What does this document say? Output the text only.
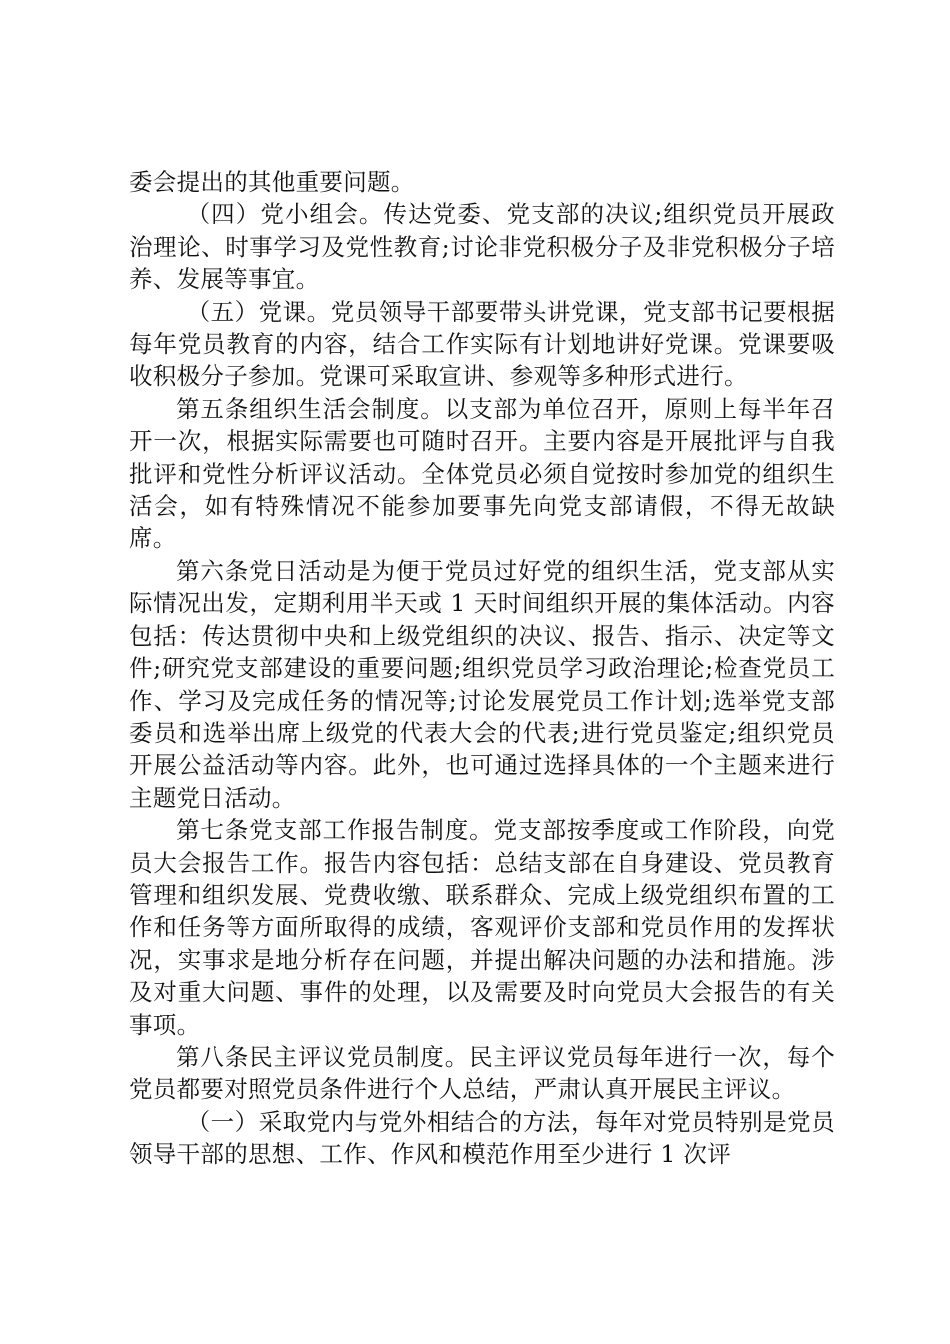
委会提出的其他重要问题。

（四）党小组会。传达党委、党支部的决议;组织党员开展政治理论、时事学习及党性教育;讨论非党积极分子及非党积极分子培养、发展等事宜。

（五）党课。党员领导干部要带头讲党课，党支部书记要根据每年党员教育的内容，结合工作实际有计划地讲好党课。党课要吸收积极分子参加。党课可采取宣讲、参观等多种形式进行。

第五条组织生活会制度。以支部为单位召开，原则上每半年召开一次，根据实际需要也可随时召开。主要内容是开展批评与自我批评和党性分析评议活动。全体党员必须自觉按时参加党的组织生活会，如有特殊情况不能参加要事先向党支部请假，不得无故缺席。

第六条党日活动是为便于党员过好党的组织生活，党支部从实际情况出发，定期利用半天或 1 天时间组织开展的集体活动。内容包括：传达贯彻中央和上级党组织的决议、报告、指示、决定等文件;研究党支部建设的重要问题;组织党员学习政治理论;检查党员工作、学习及完成任务的情况等;讨论发展党员工作计划;选举党支部委员和选举出席上级党的代表大会的代表;进行党员鉴定;组织党员开展公益活动等内容。此外，也可通过选择具体的一个主题来进行主题党日活动。

第七条党支部工作报告制度。党支部按季度或工作阶段，向党员大会报告工作。报告内容包括：总结支部在自身建设、党员教育管理和组织发展、党费收缴、联系群众、完成上级党组织布置的工作和任务等方面所取得的成绩，客观评价支部和党员作用的发挥状况，实事求是地分析存在问题，并提出解决问题的办法和措施。涉及对重大问题、事件的处理，以及需要及时向党员大会报告的有关事项。

第八条民主评议党员制度。民主评议党员每年进行一次，每个党员都要对照党员条件进行个人总结，严肃认真开展民主评议。

（一）采取党内与党外相结合的方法，每年对党员特别是党员领导干部的思想、工作、作风和模范作用至少进行 1 次评
